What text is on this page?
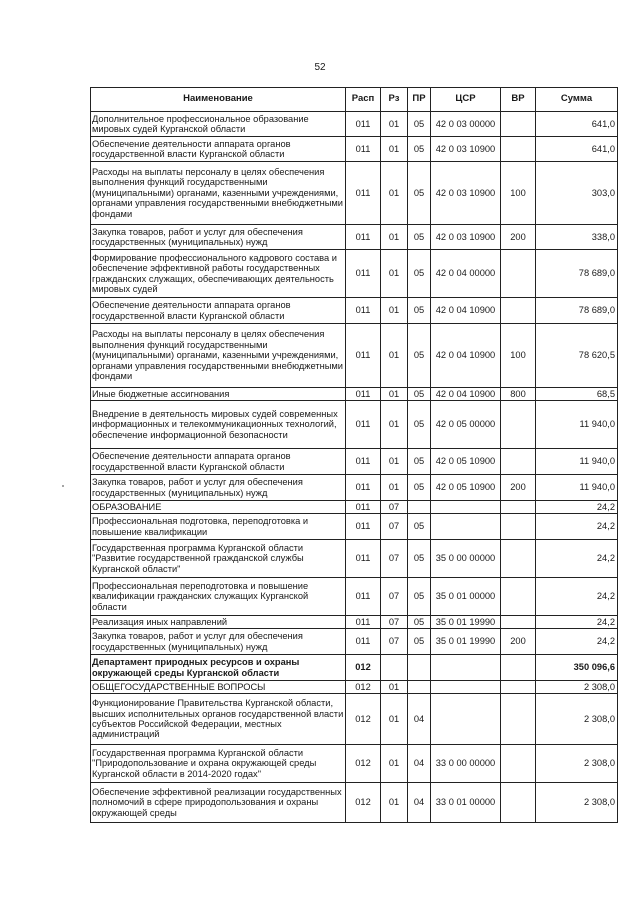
52
Наименование	Расп	Рз	ПР	ЦСР	ВР	Сумма
Дополнительное профессиональное образование мировых судей Курганской области	011	01	05	42 0 03 00000		641,0
Обеспечение деятельности аппарата органов государственной власти Курганской области	011	01	05	42 0 03 10900		641,0
Расходы на выплаты персоналу в целях обеспечения выполнения функций государственными (муниципальными) органами, казенными учреждениями, органами управления государственными внебюджетными фондами	011	01	05	42 0 03 10900	100	303,0
Закупка товаров, работ и услуг для обеспечения государственных (муниципальных) нужд	011	01	05	42 0 03 10900	200	338,0
Формирование профессионального кадрового состава и обеспечение эффективной работы государственных гражданских служащих, обеспечивающих деятельность мировых судей	011	01	05	42 0 04 00000		78 689,0
Обеспечение деятельности аппарата органов государственной власти Курганской области	011	01	05	42 0 04 10900		78 689,0
Расходы на выплаты персоналу в целях обеспечения выполнения функций государственными (муниципальными) органами, казенными учреждениями, органами управления государственными внебюджетными фондами	011	01	05	42 0 04 10900	100	78 620,5
Иные бюджетные ассигнования	011	01	05	42 0 04 10900	800	68,5
Внедрение в деятельность мировых судей современных информационных и телекоммуникационных технологий, обеспечение информационной безопасности	011	01	05	42 0 05 00000		11 940,0
Обеспечение деятельности аппарата органов государственной власти Курганской области	011	01	05	42 0 05 10900		11 940,0
Закупка товаров, работ и услуг для обеспечения государственных (муниципальных) нужд	011	01	05	42 0 05 10900	200	11 940,0
ОБРАЗОВАНИЕ	011	07				24,2
Профессиональная подготовка, переподготовка и повышение квалификации	011	07	05			24,2
Государственная программа Курганской области "Развитие государственной гражданской службы Курганской области"	011	07	05	35 0 00 00000		24,2
Профессиональная переподготовка и повышение квалификации гражданских служащих Курганской области	011	07	05	35 0 01 00000		24,2
Реализация иных направлений	011	07	05	35 0 01 19990		24,2
Закупка товаров, работ и услуг для обеспечения государственных (муниципальных) нужд	011	07	05	35 0 01 19990	200	24,2
Департамент природных ресурсов и охраны окружающей среды Курганской области	012					350 096,6
ОБЩЕГОСУДАРСТВЕННЫЕ ВОПРОСЫ	012	01				2 308,0
Функционирование Правительства Курганской области, высших исполнительных органов государственной власти субъектов Российской Федерации, местных администраций	012	01	04			2 308,0
Государственная программа Курганской области "Природопользование и охрана окружающей среды Курганской области в 2014-2020 годах"	012	01	04	33 0 00 00000		2 308,0
Обеспечение эффективной реализации государственных полномочий в сфере природопользования и охраны окружающей среды	012	01	04	33 0 01 00000		2 308,0
